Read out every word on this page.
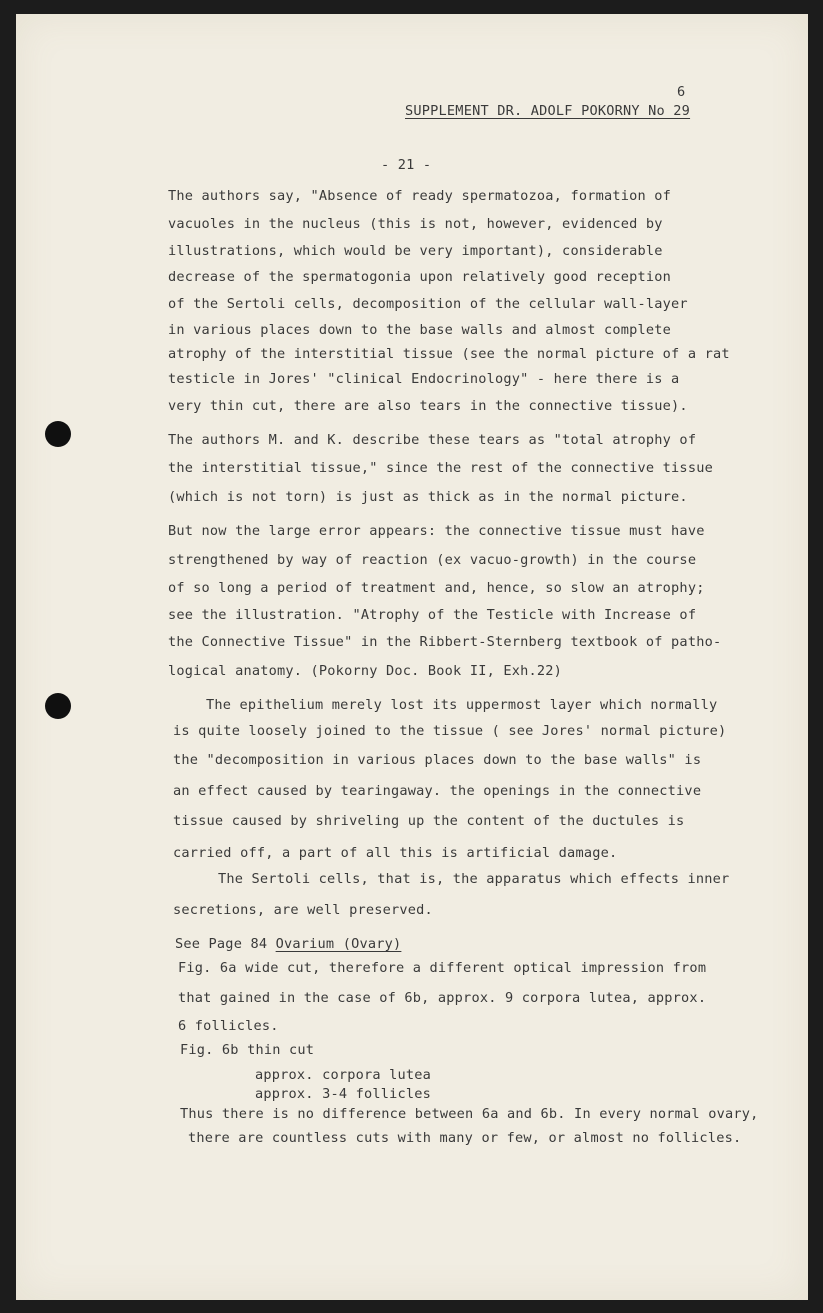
6
SUPPLEMENT DR. ADOLF POKORNY No 29
- 21 -
The authors say, "Absence of ready spermatozoa, formation of
vacuoles in the nucleus (this is not, however, evidenced by
illustrations, which would be very important), considerable
decrease of the spermatogonia upon relatively good reception
of the Sertoli cells, decomposition of the cellular wall-layer
in various places down to the base walls and almost complete
atrophy of the interstitial tissue (see the normal picture of a rat
testicle in Jores' "clinical Endocrinology" - here there is a
very thin cut, there are also tears in the connective tissue).
The authors M. and K. describe these tears as "total atrophy of
the interstitial tissue," since the rest of the connective tissue
(which is not torn) is just as thick as in the normal picture.
But now the large error appears: the connective tissue must have
strengthened by way of reaction (ex vacuo-growth) in the course
of so long a period of treatment and, hence, so slow an atrophy;
see the illustration. "Atrophy of the Testicle with Increase of
the Connective Tissue" in the Ribbert-Sternberg textbook of patho-
logical anatomy. (Pokorny Doc. Book II, Exh.22)
The epithelium merely lost its uppermost layer which normally
is quite loosely joined to the tissue ( see Jores' normal picture)
the "decomposition in various places down to the base walls" is
an effect caused by tearingaway. the openings in the connective
tissue caused by shriveling up the content of the ductules is
carried off, a part of all this is artificial damage.
The Sertoli cells, that is, the apparatus which effects inner
secretions, are well preserved.
See Page 84 Ovarium (Ovary)
Fig. 6a wide cut, therefore a different optical impression from
that gained in the case of 6b, approx. 9 corpora lutea, approx.
6 follicles.
Fig. 6b thin cut
approx. corpora lutea
approx. 3-4 follicles
Thus there is no difference between 6a and 6b. In every normal ovary,
there are countless cuts with many or few, or almost no follicles.
